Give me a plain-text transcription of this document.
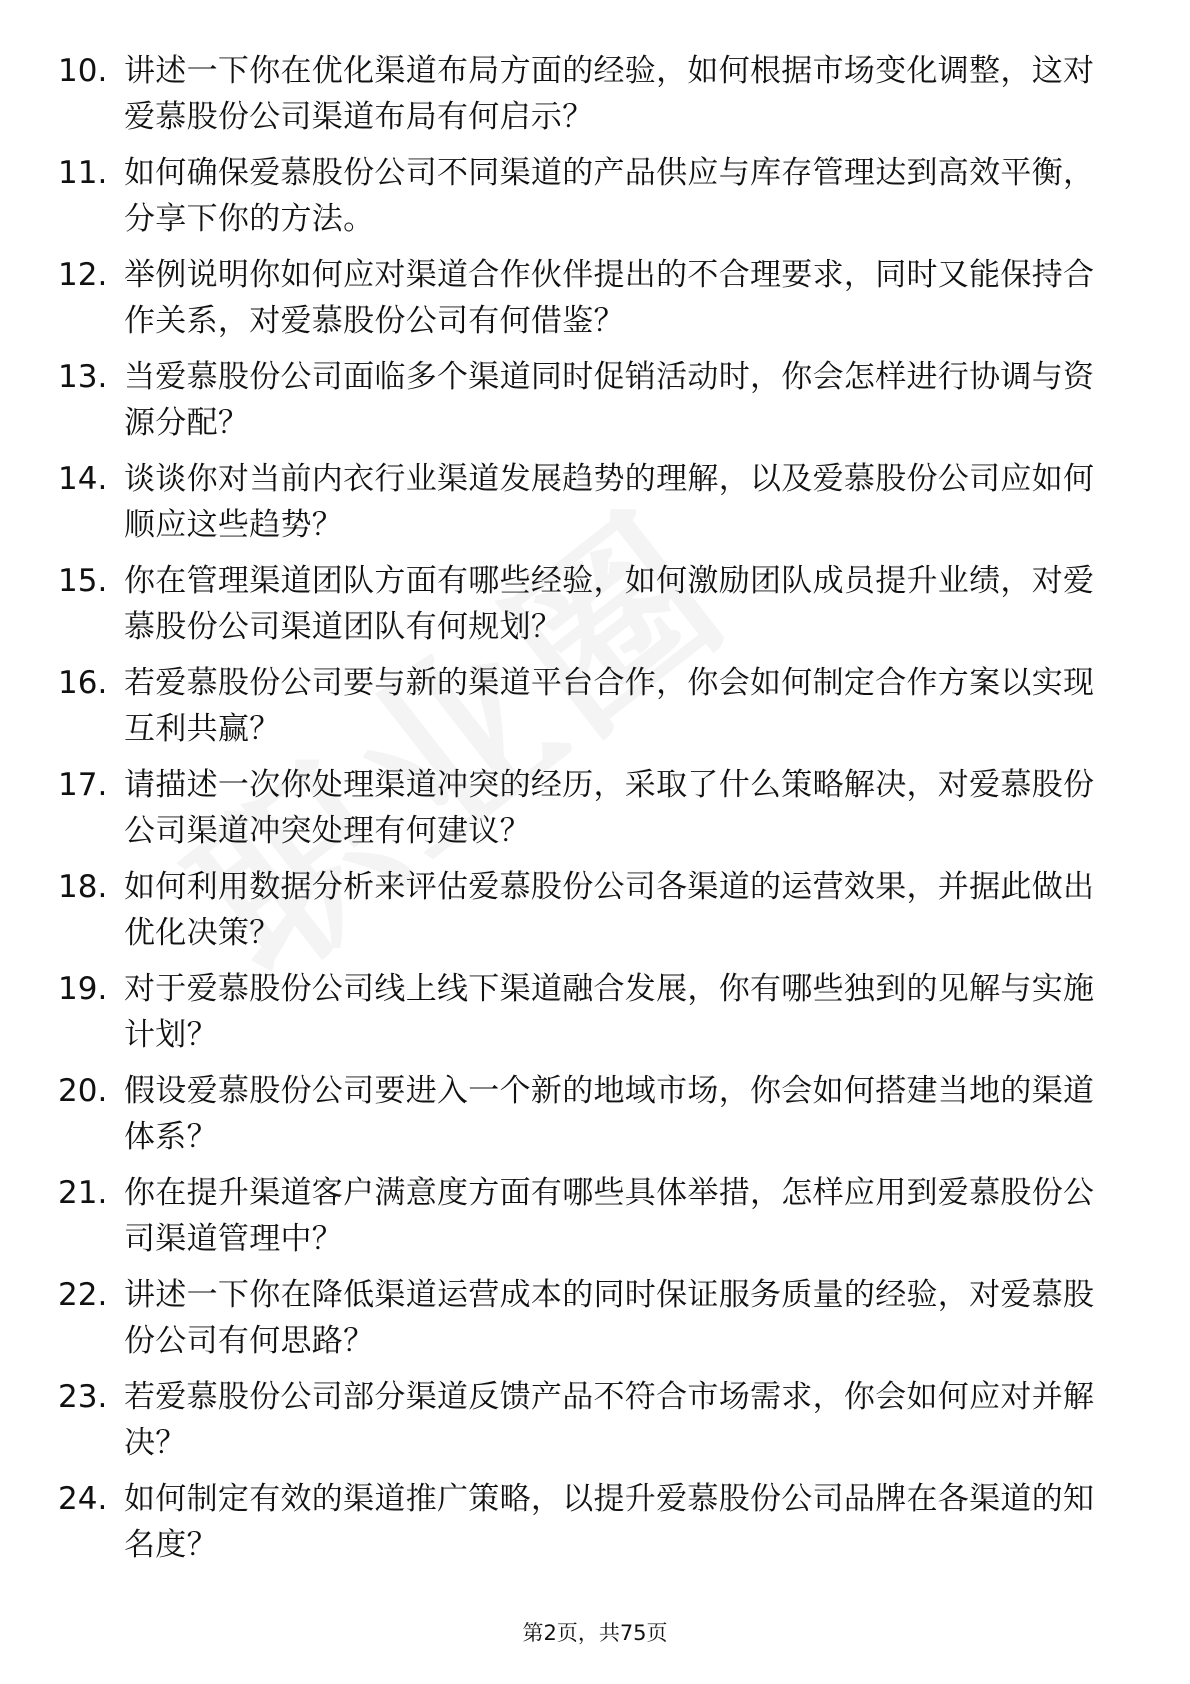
10. 讲述一下你在优化渠道布局方面的经验，如何根据市场变化调整，这对爱慕股份公司渠道布局有何启示？
11. 如何确保爱慕股份公司不同渠道的产品供应与库存管理达到高效平衡，分享下你的方法。
12. 举例说明你如何应对渠道合作伙伴提出的不合理要求，同时又能保持合作关系，对爱慕股份公司有何借鉴？
13. 当爱慕股份公司面临多个渠道同时促销活动时，你会怎样进行协调与资源分配？
14. 谈谈你对当前内衣行业渠道发展趋势的理解，以及爱慕股份公司应如何顺应这些趋势？
15. 你在管理渠道团队方面有哪些经验，如何激励团队成员提升业绩，对爱慕股份公司渠道团队有何规划？
16. 若爱慕股份公司要与新的渠道平台合作，你会如何制定合作方案以实现互利共赢？
17. 请描述一次你处理渠道冲突的经历，采取了什么策略解决，对爱慕股份公司渠道冲突处理有何建议？
18. 如何利用数据分析来评估爱慕股份公司各渠道的运营效果，并据此做出优化决策？
19. 对于爱慕股份公司线上线下渠道融合发展，你有哪些独到的见解与实施计划？
20. 假设爱慕股份公司要进入一个新的地域市场，你会如何搭建当地的渠道体系？
21. 你在提升渠道客户满意度方面有哪些具体举措，怎样应用到爱慕股份公司渠道管理中？
22. 讲述一下你在降低渠道运营成本的同时保证服务质量的经验，对爱慕股份公司有何思路？
23. 若爱慕股份公司部分渠道反馈产品不符合市场需求，你会如何应对并解决？
24. 如何制定有效的渠道推广策略，以提升爱慕股份公司品牌在各渠道的知名度？
第2页，共75页
